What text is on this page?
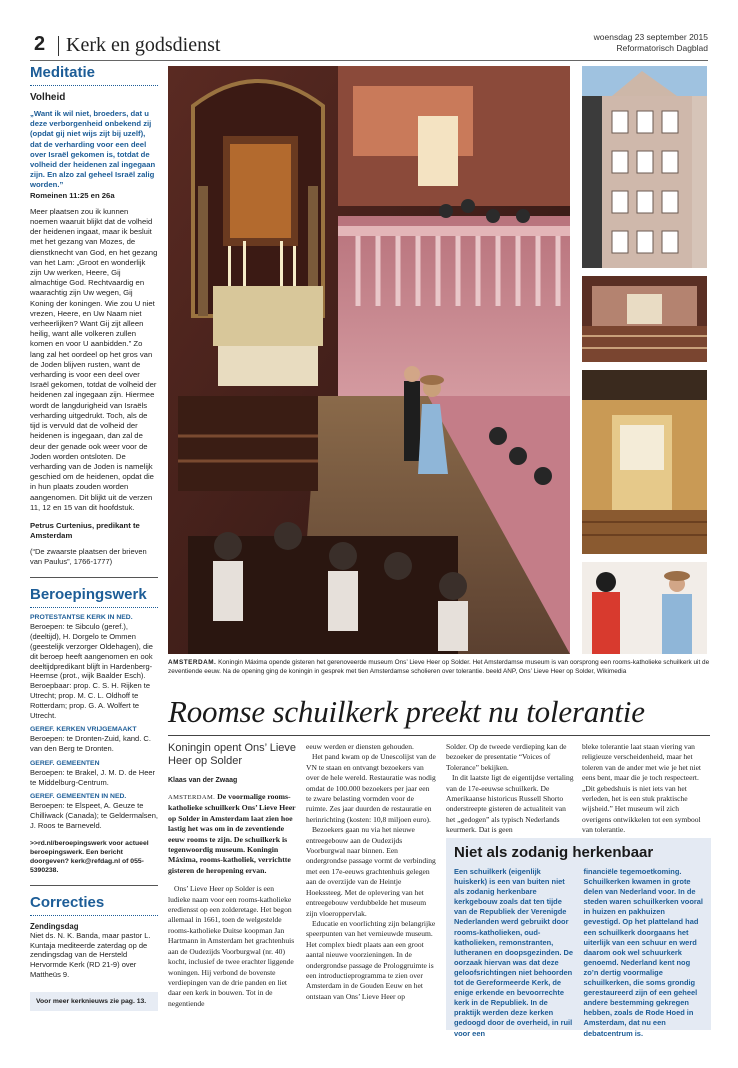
2 Kerk en godsdienst	woensdag 23 september 2015
Reformatorisch Dagblad
Meditatie
Volheid
„Want ik wil niet, broeders, dat u deze verborgenheid onbekend zij (opdat gij niet wijs zijt bij uzelf), dat de verharding voor een deel over Israël gekomen is, totdat de volheid der heidenen zal ingegaan zijn. En alzo zal geheel Israël zalig worden.”
Romeinen 11:25 en 26a
Meer plaatsen zou ik kunnen noemen waaruit blijkt dat de volheid der heidenen ingaat, maar ik besluit met het gezang van Mozes, de dienstknecht van God, en het gezang van het Lam: „Groot en wonderlijk zijn Uw werken, Heere, Gij almachtige God. Rechtvaardig en waarachtig zijn Uw wegen, Gij Koning der koningen. Wie zou U niet vrezen, Heere, en Uw Naam niet verheerlijken? Want Gij zijt alleen heilig, want alle volkeren zullen komen en voor U aanbidden.” Zo lang zal het oordeel op het gros van de Joden blijven rusten, want de verharding is voor een deel over Israël gekomen, totdat de volheid der heidenen zal ingegaan zijn. Hiermee wordt de langdurigheid van Israëls verharding uitgedrukt. Toch, als de tijd is vervuld dat de volheid der heidenen is ingegaan, dan zal de deur der genade ook weer voor de Joden worden ontsloten. De verharding van de Joden is namelijk geschied om de heidenen, opdat die in hun plaats zouden worden aangenomen. Dit blijkt uit de verzen 11, 12 en 15 van dit hoofdstuk.
Petrus Curtenius, predikant te Amsterdam
(“De zwaarste plaatsen der brieven van Paulus”, 1766-1777)
Beroepingswerk
PROTESTANTSE KERK IN NED.
Beroepen: te Sibculo (geref.), (deeltijd), H. Dorgelo te Ommen (geestelijk verzorger Oldehagen), die dit beroep heeft aangenomen en ook deeltijdpredikant blijft in Hardenberg-Heemse (prot., wijk Baalder Esch). Beroepbaar: prop. C. S. H. Rijken te Utrecht; prop. M. C. L. Oldhoff te Rotterdam; prop. G. A. Wolfert te Utrecht.
GEREF. KERKEN VRIJGEMAAKT
Beroepen: te Dronten-Zuid, kand. C. van den Berg te Dronten.
GEREF. GEMEENTEN
Beroepen: te Brakel, J. M. D. de Heer te Middelburg-Centrum.
GEREF. GEMEENTEN IN NED.
Beroepen: te Elspeet, A. Geuze te Chilliwack (Canada); te Geldermalsen, J. Roos te Barneveld.
>>rd.nl/beroepingswerk voor actueel beroepingswerk. Een bericht doorgeven? kerk@refdag.nl of 055-5390238.
Correcties
Zendingsdag
Niet ds. N. K. Banda, maar pastor L. Kuntaja mediteerde zaterdag op de zendingsdag van de Hersteld Hervormde Kerk (RD 21-9) over Mattheüs 9.
Voor meer kerknieuws zie pag. 13.
AMSTERDAM. Koningin Máxima opende gisteren het gerenoveerde museum Ons’ Lieve Heer op Solder. Het Amsterdamse museum is van oorsprong een rooms-katholieke schuilkerk uit de zeventiende eeuw. Na de opening ging de koningin in gesprek met tien Amsterdamse scholieren over tolerantie. beeld ANP, Ons’ Lieve Heer op Solder, Wikimedia
Roomse schuilkerk preekt nu tolerantie
Koningin opent Ons’ Lieve Heer op Solder
Klaas van der Zwaag
AMSTERDAM. De voormalige rooms-katholieke schuilkerk Ons’ Lieve Heer op Solder in Amsterdam laat zien hoe lastig het was om in de zeventiende eeuw rooms te zijn. De schuilkerk is tegenwoordig museum. Koningin Máxima, rooms-katholiek, verrichtte gisteren de heropening ervan.

Ons’ Lieve Heer op Solder is een ludieke naam voor een rooms-katholieke erediensst op een zolderetage. Het begon allemaal in 1661, toen de welgestelde rooms-katholieke Duitse koopman Jan Hartmann in Amsterdam het grachtenhuis aan de Oudezijds Voorburgwal (nr. 40) kocht, inclusief de twee erachter liggende woningen. Hij verbond de bovenste verdiepingen van de drie panden en liet daar een kerk in bouwen. Tot in de negentiende

eeuw werden er diensten gehouden.

Het pand kwam op de Unescolijst van de VN te staan en ontvangt bezoekers van over de hele wereld. Restauratie was nodig omdat de 100.000 bezoekers per jaar een te zware belasting vormden voor de ruimte. Zes jaar duurden de restauratie en herinrichting (kosten: 10,8 miljoen euro).

Bezoekers gaan nu via het nieuwe entreegebouw aan de Oudezijds Voorburgwal naar binnen. Een ondergrondse passage vormt de verbinding met een 17e-eeuws grachtenhuis gelegen aan de overzijde van de Heintje Hoekssteeg. Met de oplevering van het entreegebouw verdubbelde het museum zijn vloeroppervlak.

Educatie en voorlichting zijn belangrijke speerpunten van het vernieuwde museum. Het complex biedt plaats aan een groot aantal nieuwe voorzieningen. In de ondergrondse passage de Prologgruimte is een introductieprogramma te zien over Amsterdam in de Gouden Eeuw en het ontstaan van Ons’ Lieve Heer op

Solder. Op de tweede verdieping kan de bezoeker de presentatie “Voices of Tolerance” bekijken.

In dit laatste ligt de eigentijdse vertaling van de 17e-eeuwse schuilkerk. De Amerikaanse historicus Russell Shorto onderstreepte gisteren de actualiteit van het „gedogen” als typisch Nederlands keurmerk. Dat is geen

bleke tolerantie laat staan viering van religieuze verscheidenheid, maar het toleren van de ander met wie je het niet eens bent, maar die je toch respecteert. „Dit gebedshuis is niet iets van het verleden, het is een stuk praktische wijsheid.” Het museum wil zich overigens ontwikkelen tot een symbool van tolerantie.

Niet als zodanig herkenbaar
Een schuilkerk (eigenlijk huiskerk) is een van buiten niet als zodanig herkenbare kerkgebouw zoals dat ten tijde van de Republiek der Verenigde Nederlanden werd gebruikt door rooms-katholieken, oud-katholieken, remonstranten, lutheranen en doopsgezinden. De oorzaak hiervan was dat deze geloofsrichtingen niet behoorden tot de Gereformeerde Kerk, de enige erkende en bevoorrechte kerk in de Republiek. In de praktijk werden deze kerken gedoogd door de overheid, in ruil voor een
financiële tegemoetkoming. Schuilkerken kwamen in grote delen van Nederland voor. In de steden waren schuilkerken vooral in huizen en pakhuizen gevestigd. Op het platteland had een schuilkerk doorgaans het uiterlijk van een schuur en werd daarom ook wel schuurkerk genoemd. Nederland kent nog zo’n dertig voormalige schuilkerken, die soms grondig gerestaureerd zijn of een geheel andere bestemming gekregen hebben, zoals de Rode Hoed in Amsterdam, dat nu een debatcentrum is.
